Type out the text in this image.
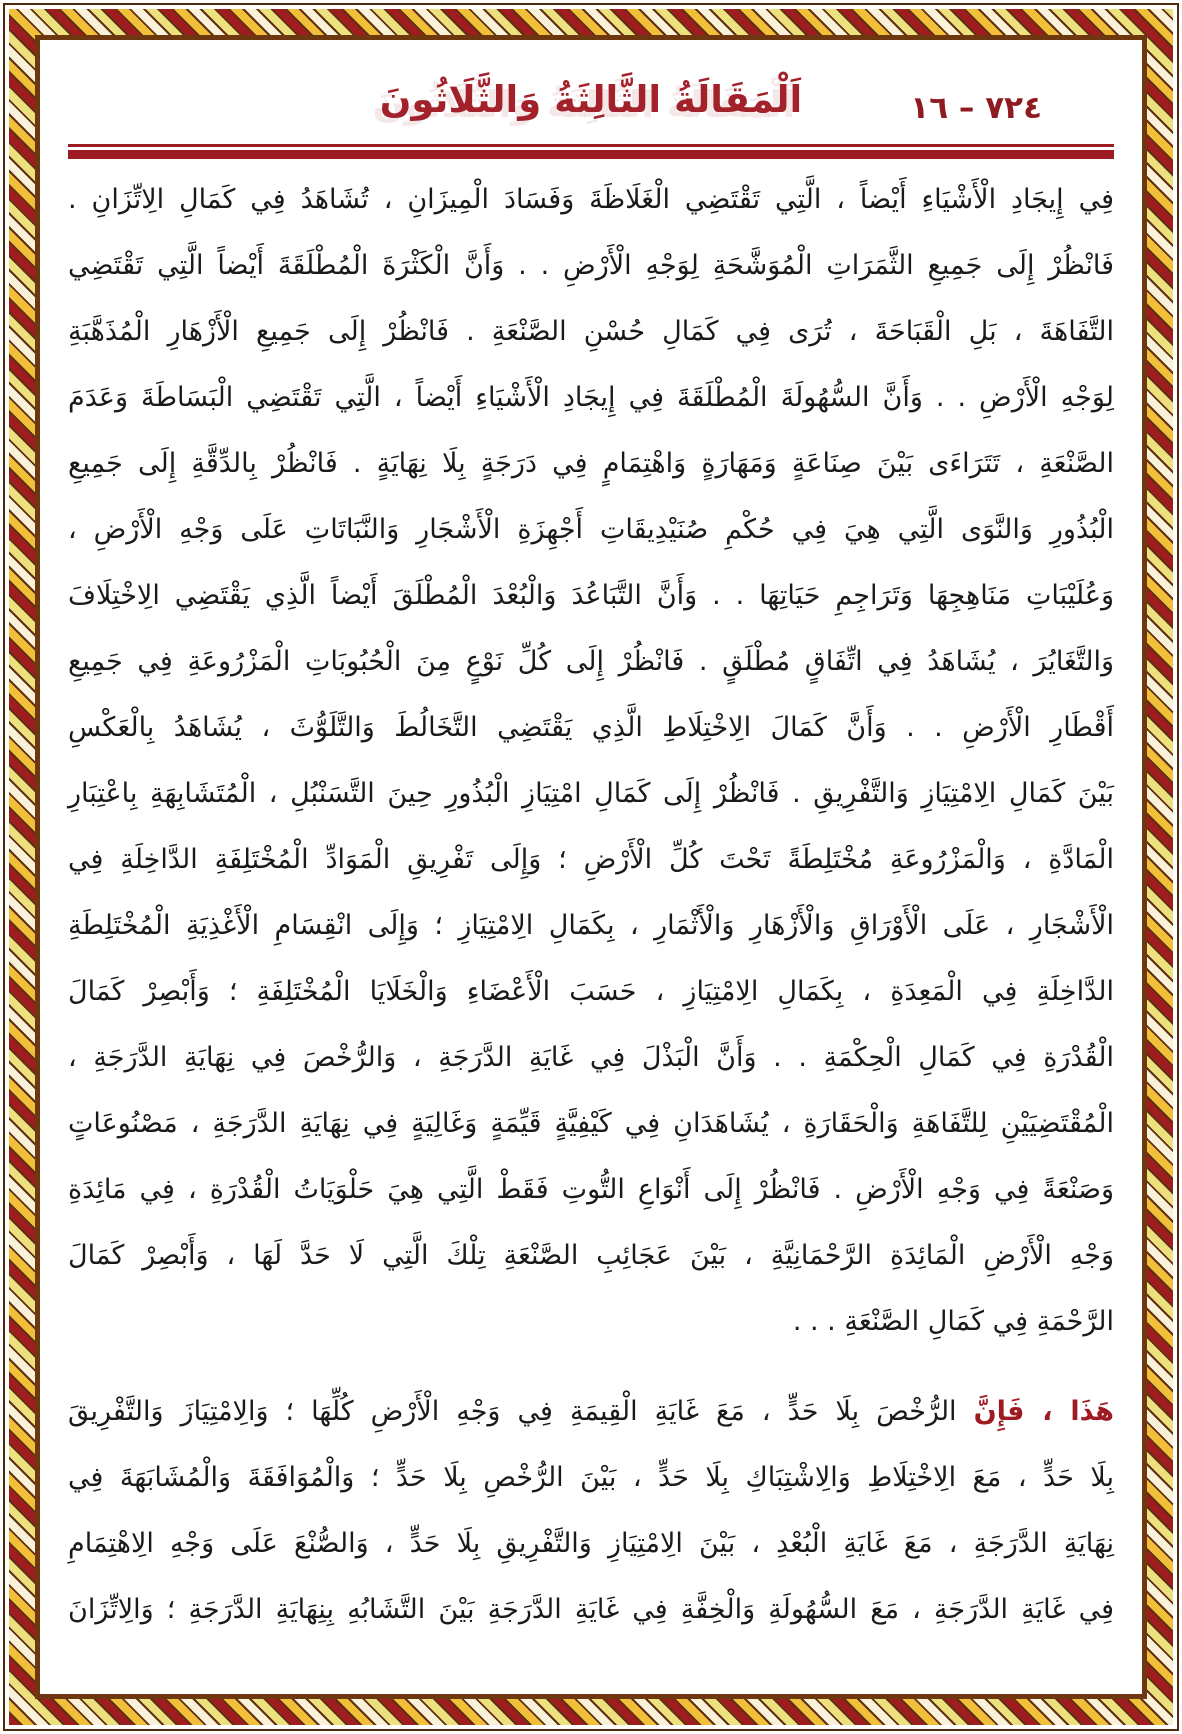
اَلْمَقَالَةُ الثَّالِثَةُ وَالثَّلَاثُونَ	٧٢٤ – ١٦

فِي إِيجَادِ الْأَشْيَاءِ أَيْضاً ، الَّتِي تَقْتَضِي الْغَلَاظَةَ وَفَسَادَ الْمِيزَانِ ، تُشَاهَدُ فِي كَمَالِ الِاتِّزَانِ .
فَانْظُرْ إِلَى جَمِيعِ الثَّمَرَاتِ الْمُوَشَّحَةِ لِوَجْهِ الْأَرْضِ . . وَأَنَّ الْكَثْرَةَ الْمُطْلَقَةَ أَيْضاً الَّتِي تَقْتَضِي
التَّفَاهَةَ ، بَلِ الْقَبَاحَةَ ، تُرَى فِي كَمَالِ حُسْنِ الصَّنْعَةِ . فَانْظُرْ إِلَى جَمِيعِ الْأَزْهَارِ الْمُذَهَّبَةِ
لِوَجْهِ الْأَرْضِ . . وَأَنَّ السُّهُولَةَ الْمُطْلَقَةَ فِي إِيجَادِ الْأَشْيَاءِ أَيْضاً ، الَّتِي تَقْتَضِي الْبَسَاطَةَ وَعَدَمَ
الصَّنْعَةِ ، تَتَرَاءَى بَيْنَ صِنَاعَةٍ وَمَهَارَةٍ وَاهْتِمَامٍ فِي دَرَجَةٍ بِلَا نِهَايَةٍ . فَانْظُرْ بِالدِّقَّةِ إِلَى جَمِيعِ
الْبُذُورِ وَالنَّوَى الَّتِي هِيَ فِي حُكْمِ صُنَيْدِيقَاتِ أَجْهِزَةِ الْأَشْجَارِ وَالنَّبَاتَاتِ عَلَى وَجْهِ الْأَرْضِ ،
وَعُلَيْبَاتِ مَنَاهِجِهَا وَتَرَاجِمِ حَيَاتِهَا . . وَأَنَّ التَّبَاعُدَ وَالْبُعْدَ الْمُطْلَقَ أَيْضاً الَّذِي يَقْتَضِي الِاخْتِلَافَ
وَالتَّغَايُرَ ، يُشَاهَدُ فِي اتِّفَاقٍ مُطْلَقٍ . فَانْظُرْ إِلَى كُلِّ نَوْعٍ مِنَ الْحُبُوبَاتِ الْمَزْرُوعَةِ فِي جَمِيعِ
أَقْطَارِ الْأَرْضِ . . وَأَنَّ كَمَالَ الِاخْتِلَاطِ الَّذِي يَقْتَضِي التَّخَالُطَ وَالتَّلَوُّثَ ، يُشَاهَدُ بِالْعَكْسِ
بَيْنَ كَمَالِ الِامْتِيَازِ وَالتَّفْرِيقِ . فَانْظُرْ إِلَى كَمَالِ امْتِيَازِ الْبُذُورِ حِينَ التَّسَنْبُلِ ، الْمُتَشَابِهَةِ بِاعْتِبَارِ
الْمَادَّةِ ، وَالْمَزْرُوعَةِ مُخْتَلِطَةً تَحْتَ كُلِّ الْأَرْضِ ؛ وَإِلَى تَفْرِيقِ الْمَوَادِّ الْمُخْتَلِفَةِ الدَّاخِلَةِ فِي
الْأَشْجَارِ ، عَلَى الْأَوْرَاقِ وَالْأَزْهَارِ وَالْأَثْمَارِ ، بِكَمَالِ الِامْتِيَازِ ؛ وَإِلَى انْقِسَامِ الْأَغْذِيَةِ الْمُخْتَلِطَةِ
الدَّاخِلَةِ فِي الْمَعِدَةِ ، بِكَمَالِ الِامْتِيَازِ ، حَسَبَ الْأَعْضَاءِ وَالْخَلَايَا الْمُخْتَلِفَةِ ؛ وَأَبْصِرْ كَمَالَ
الْقُدْرَةِ فِي كَمَالِ الْحِكْمَةِ . . وَأَنَّ الْبَذْلَ فِي غَايَةِ الدَّرَجَةِ ، وَالرُّخْصَ فِي نِهَايَةِ الدَّرَجَةِ ،
الْمُقْتَضِيَيْنِ لِلتَّفَاهَةِ وَالْحَقَارَةِ ، يُشَاهَدَانِ فِي كَيْفِيَّةٍ قَيِّمَةٍ وَغَالِيَةٍ فِي نِهَايَةِ الدَّرَجَةِ ، مَصْنُوعَاتٍ
وَصَنْعَةً فِي وَجْهِ الْأَرْضِ . فَانْظُرْ إِلَى أَنْوَاعِ التُّوتِ فَقَطْ الَّتِي هِيَ حَلْوَيَاتُ الْقُدْرَةِ ، فِي مَائِدَةِ
وَجْهِ الْأَرْضِ الْمَائِدَةِ الرَّحْمَانِيَّةِ ، بَيْنَ عَجَائِبِ الصَّنْعَةِ تِلْكَ الَّتِي لَا حَدَّ لَهَا ، وَأَبْصِرْ كَمَالَ
الرَّحْمَةِ فِي كَمَالِ الصَّنْعَةِ . . .

هَذَا ، فَإِنَّ الرُّخْصَ بِلَا حَدٍّ ، مَعَ غَايَةِ الْقِيمَةِ فِي وَجْهِ الْأَرْضِ كُلِّهَا ؛ وَالِامْتِيَازَ وَالتَّفْرِيقَ
بِلَا حَدٍّ ، مَعَ الِاخْتِلَاطِ وَالِاشْتِبَاكِ بِلَا حَدٍّ ، بَيْنَ الرُّخْصِ بِلَا حَدٍّ ؛ وَالْمُوَافَقَةَ وَالْمُشَابَهَةَ فِي
نِهَايَةِ الدَّرَجَةِ ، مَعَ غَايَةِ الْبُعْدِ ، بَيْنَ الِامْتِيَازِ وَالتَّفْرِيقِ بِلَا حَدٍّ ، وَالصُّنْعَ عَلَى وَجْهِ الِاهْتِمَامِ
فِي غَايَةِ الدَّرَجَةِ ، مَعَ السُّهُولَةِ وَالْخِفَّةِ فِي غَايَةِ الدَّرَجَةِ بَيْنَ التَّشَابُهِ بِنِهَايَةِ الدَّرَجَةِ ؛ وَالِاتِّزَانَ
